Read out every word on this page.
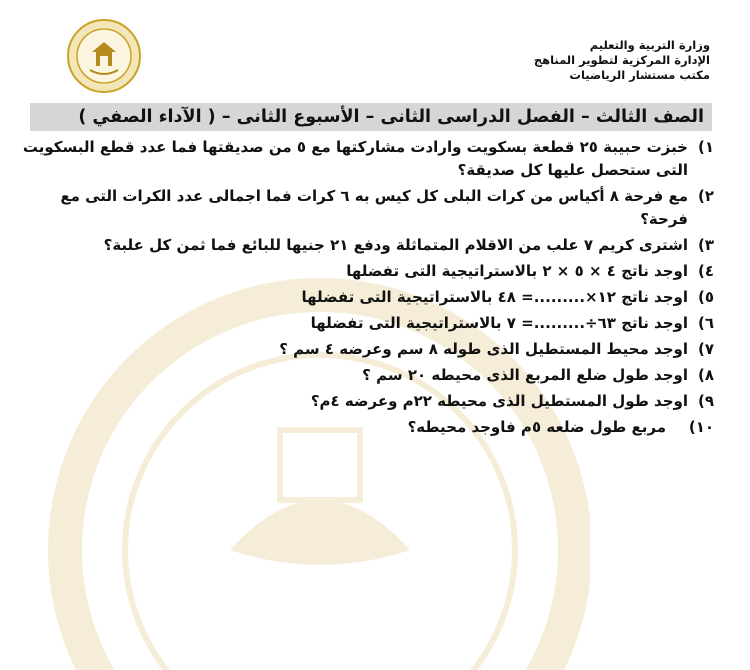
وزارة التربية والتعليم
الإدارة المركزية لتطوير المناهج
مكتب مستشار الرياضيات
الصف الثالث – الفصل الدراسى الثانى – الأسبوع الثانى – ( الآداء الصفي )
١)
خبزت حبيبة ٢٥ قطعة بسكويت وارادت مشاركتها مع ٥ من صديقتها فما عدد قطع البسكويت التى ستحصل عليها كل صديقة؟
٢)
مع فرحة ٨ أكياس من كرات البلى كل كيس به ٦ كرات فما اجمالى عدد الكرات التى مع فرحة؟
٣)
اشترى كريم ٧ علب من الاقلام المتماثلة ودفع ٢١ جنيها للبائع فما ثمن كل علبة؟
٤)
اوجد ناتج ٤ × ٥ × ٢ بالاستراتيجية التى تفضلها
٥)
اوجد ناتج ١٢×.........= ٤٨ بالاستراتيجية التى تفضلها
٦)
اوجد ناتج ٦٣÷.........= ٧ بالاستراتيجية التى تفضلها
٧)
اوجد محيط المستطيل الذى طوله ٨ سم وعرضه ٤ سم ؟
٨)
اوجد طول ضلع المربع الذى محيطه ٢٠ سم ؟
٩)
اوجد طول المستطيل الذى محيطه ٢٢م وعرضه ٤م؟
١٠)
مربع طول ضلعه ٥م فاوجد محيطه؟
